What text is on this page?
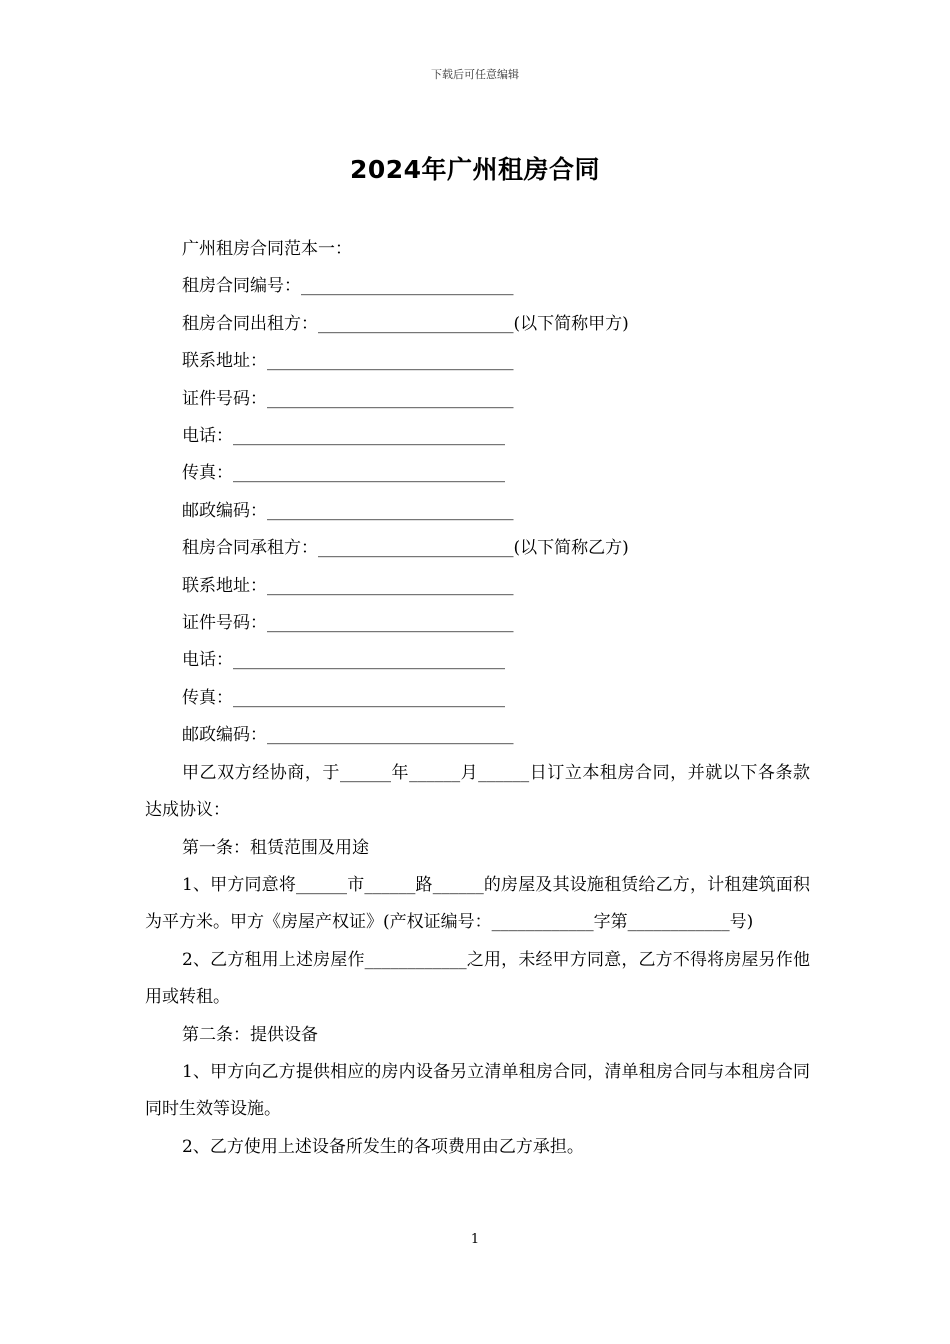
下载后可任意编辑
2024年广州租房合同
广州租房合同范本一：
租房合同编号：_________________________
租房合同出租方：_______________________(以下简称甲方)
联系地址：_____________________________
证件号码：_____________________________
电话：________________________________
传真：________________________________
邮政编码：_____________________________
租房合同承租方：_______________________(以下简称乙方)
联系地址：_____________________________
证件号码：_____________________________
电话：________________________________
传真：________________________________
邮政编码：_____________________________
甲乙双方经协商，于______年______月______日订立本租房合同，并就以下各条款达成协议：
第一条：租赁范围及用途
1、甲方同意将______市______路______的房屋及其设施租赁给乙方，计租建筑面积为平方米。甲方《房屋产权证》(产权证编号：____________字第____________号)
2、乙方租用上述房屋作____________之用，未经甲方同意，乙方不得将房屋另作他用或转租。
第二条：提供设备
1、甲方向乙方提供相应的房内设备另立清单租房合同，清单租房合同与本租房合同同时生效等设施。
2、乙方使用上述设备所发生的各项费用由乙方承担。
1
